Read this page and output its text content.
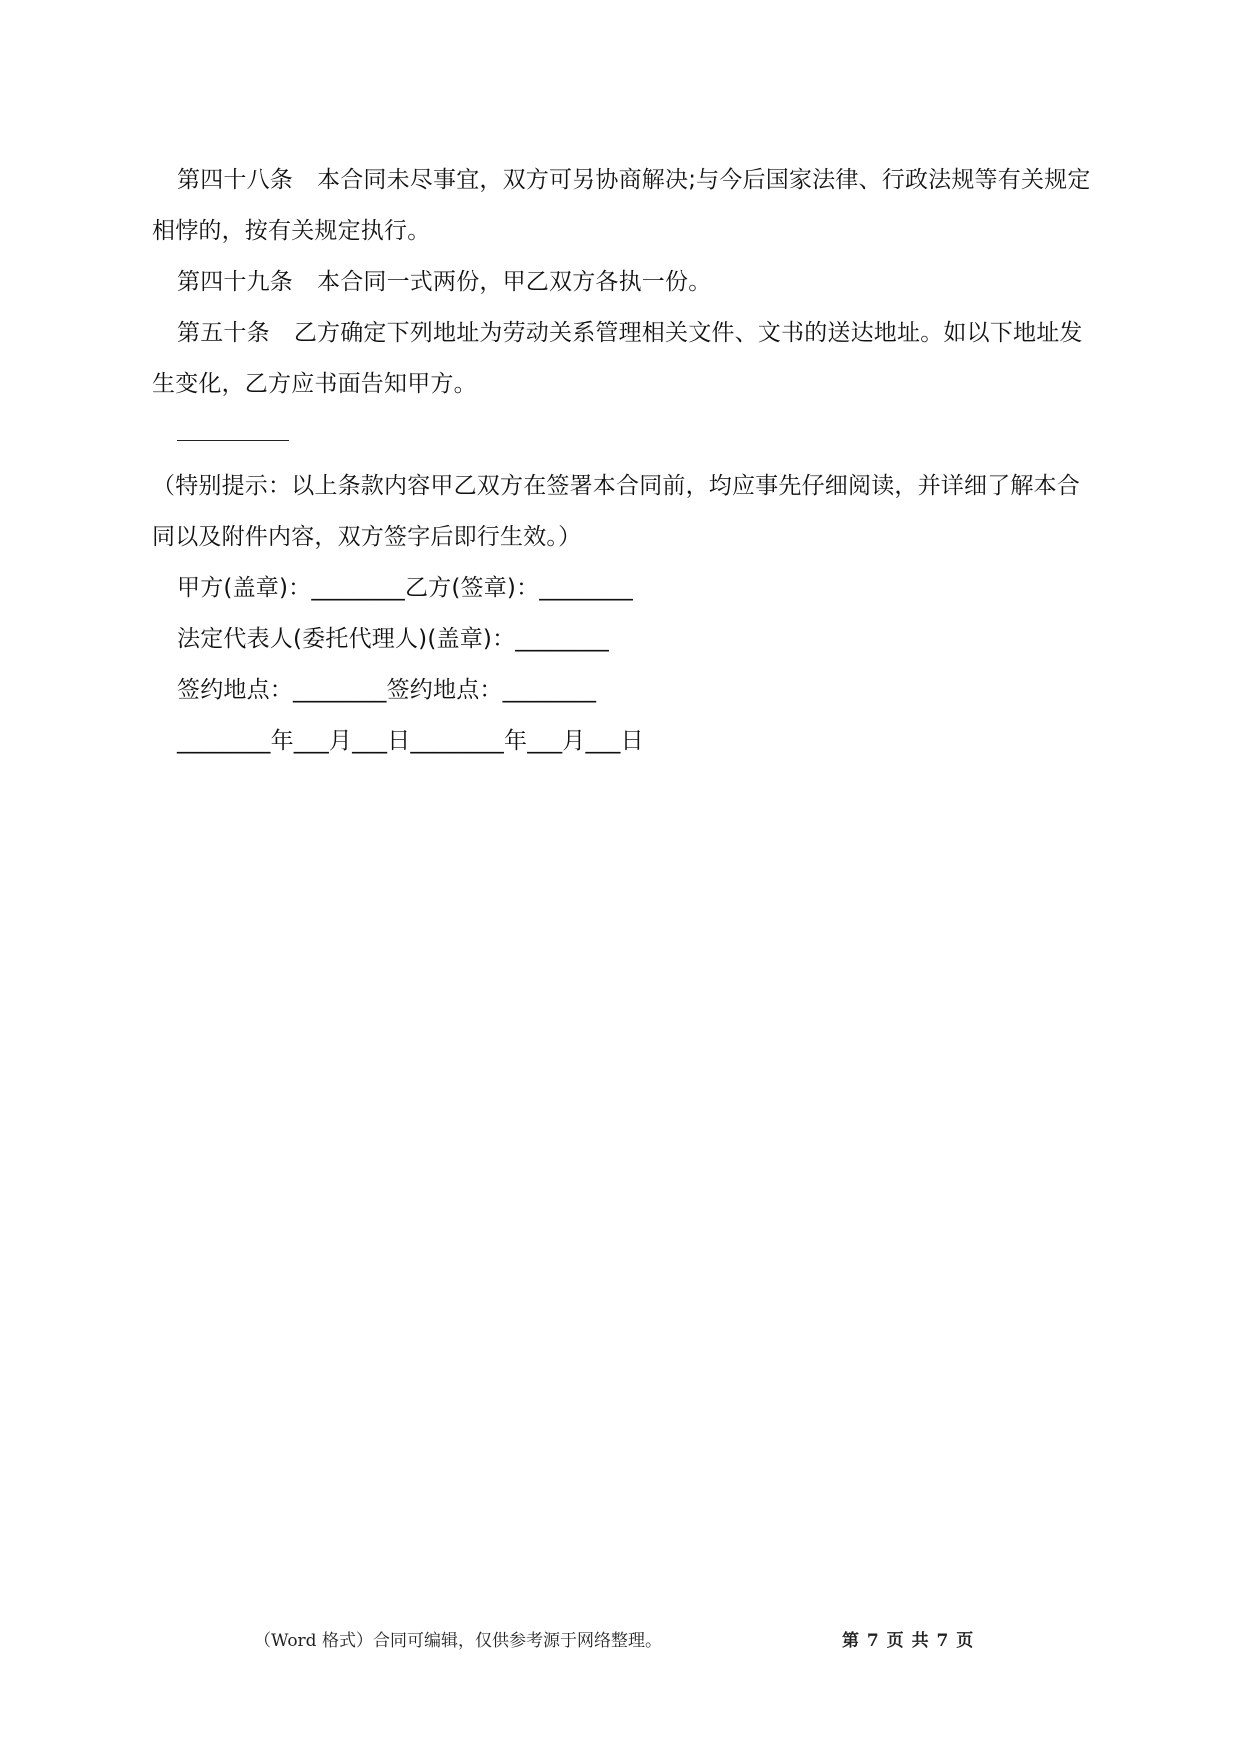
第四十八条 本合同未尽事宜，双方可另协商解决;与今后国家法律、行政法规等有关规定相悖的，按有关规定执行。

第四十九条 本合同一式两份，甲乙双方各执一份。

第五十条 乙方确定下列地址为劳动关系管理相关文件、文书的送达地址。如以下地址发生变化，乙方应书面告知甲方。

（特别提示：以上条款内容甲乙双方在签署本合同前，均应事先仔细阅读，并详细了解本合同以及附件内容，双方签字后即行生效。）

甲方(盖章)：________乙方(签章)：________

法定代表人(委托代理人)(盖章)：________

签约地点：________签约地点：________

________年___月___日________年___月___日

（Word 格式）合同可编辑，仅供参考源于网络整理。	第 7 页 共 7 页
